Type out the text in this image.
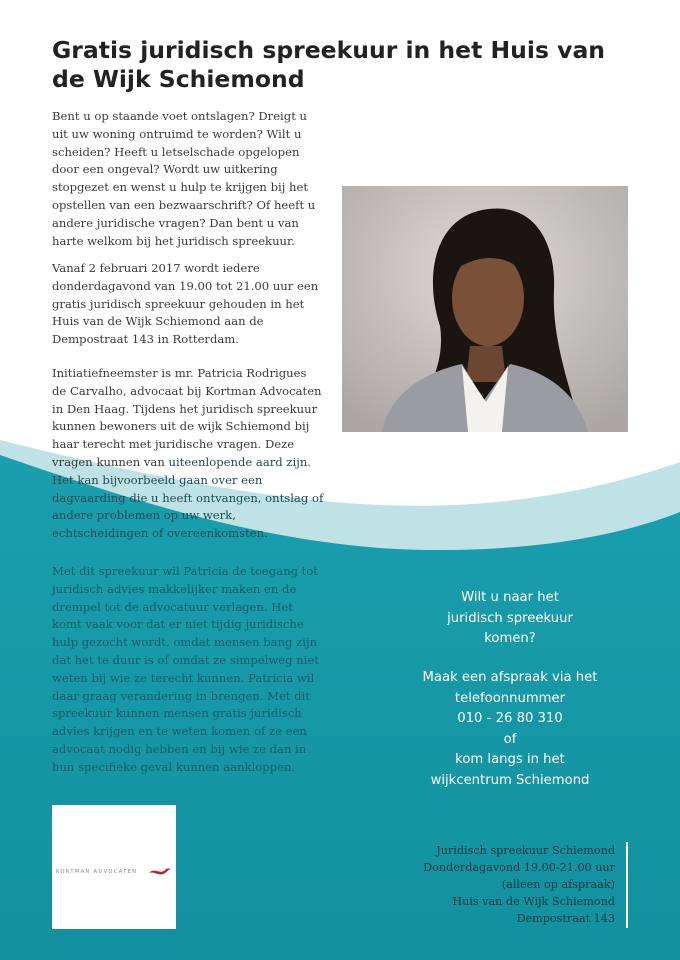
Gratis juridisch spreekuur in het Huis van de Wijk Schiemond

Bent u op staande voet ontslagen? Dreigt u uit uw woning ontruimd te worden? Wilt u scheiden? Heeft u letselschade opgelopen door een ongeval? Wordt uw uitkering stopgezet en wenst u hulp te krijgen bij het opstellen van een bezwaarschrift? Of heeft u andere juridische vragen? Dan bent u van harte welkom bij het juridisch spreekuur.

Vanaf 2 februari 2017 wordt iedere donderdagavond van 19.00 tot 21.00 uur een gratis juridisch spreekuur gehouden in het Huis van de Wijk Schiemond aan de Dempostraat 143 in Rotterdam.

Initiatiefneemster is mr. Patricia Rodrigues de Carvalho, advocaat bij Kortman Advocaten in Den Haag. Tijdens het juridisch spreekuur kunnen bewoners uit de wijk Schiemond bij haar terecht met juridische vragen. Deze vragen kunnen van uiteenlopende aard zijn. Het kan bijvoorbeeld gaan over een dagvaarding die u heeft ontvangen, ontslag of andere problemen op uw werk, echtscheidingen of overeenkomsten.

Met dit spreekuur wil Patricia de toegang tot juridisch advies makkelijker maken en de drempel tot de advocatuur verlagen. Het komt vaak voor dat er niet tijdig juridische hulp gezocht wordt, omdat mensen bang zijn dat het te duur is of omdat ze simpelweg niet weten bij wie ze terecht kunnen. Patricia wil daar graag verandering in brengen. Met dit spreekuur kunnen mensen gratis juridisch advies krijgen en te weten komen of ze een advocaat nodig hebben en bij wie ze dan in hun specifieke geval kunnen aankloppen.

Wilt u naar het
juridisch spreekuur
komen?
Maak een afspraak via het
telefoonnummer
010 - 26 80 310
of
kom langs in het
wijkcentrum Schiemond
Juridisch spreekuur Schiemond
Donderdagavond 19.00-21.00 uur
(alleen op afspraak)
Huis van de Wijk Schiemond
Dempostraat 143
KORTMAN ADVOCATEN
